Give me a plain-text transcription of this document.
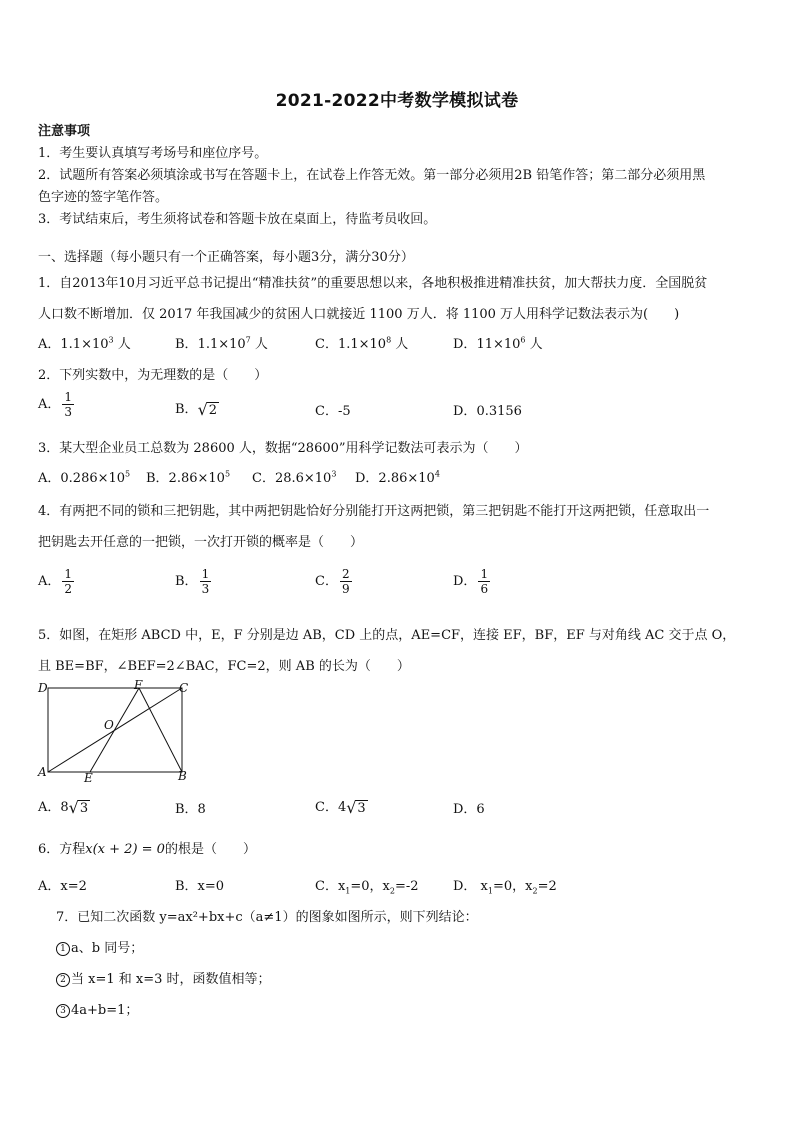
2021-2022中考数学模拟试卷
注意事项
1．考生要认真填写考场号和座位序号。
2．试题所有答案必须填涂或书写在答题卡上，在试卷上作答无效。第一部分必须用2B 铅笔作答；第二部分必须用黑
色字迹的签字笔作答。
3．考试结束后，考生须将试卷和答题卡放在桌面上，待监考员收回。
一、选择题（每小题只有一个正确答案，每小题3分，满分30分）
1．自2013年10月习近平总书记提出“精准扶贫”的重要思想以来，各地积极推进精准扶贫，加大帮扶力度．全国脱贫
人口数不断增加．仅 2017 年我国减少的贫困人口就接近 1100 万人．将 1100 万人用科学记数法表示为(　　)
A．$1.1\times 10^3$ 人	B．$1.1\times 10^7$ 人	C．$1.1\times 10^8$ 人	D．$11\times 10^6$ 人
2．下列实数中，为无理数的是（　　）
A． $\frac{1}{3}$	B． √ 2	C．-5	D．0.3156
3．某大型企业员工总数为 28600 人，数据“28600”用科学记数法可表示为（　　）
A．$0.286\times 10^5$ B．$2.86\times 10^5$ C．$28.6\times 10^3$ D．$2.86\times 10^4$
4．有两把不同的锁和三把钥匙，其中两把钥匙恰好分别能打开这两把锁，第三把钥匙不能打开这两把锁，任意取出一
把钥匙去开任意的一把锁，一次打开锁的概率是（　　）
A． $\frac{1}{2}$	B． $\frac{1}{3}$	C． $\frac{2}{9}$	D． $\frac{1}{6}$
5．如图，在矩形 ABCD 中，E，F 分别是边 AB，CD 上的点，AE=CF，连接 EF，BF，EF 与对角线 AC 交于点 O，
且 BE=BF，∠BEF=2∠BAC，FC=2，则 AB 的长为（　　）
D	F	C
O
A	E	B
A．8 √ 3	B．8	C．4 √ 3	D．6
6．方程x(x + 2) = 0的根是（　　）
A．x=2	B．x=0	C．$x_1=0$，$x_2=-2$	D． $x_1=0$，$x_2=2$
7．已知二次函数 y=ax²+bx+c（a≠1）的图象如图所示，则下列结论：
1 a、b 同号；
2 当 x=1 和 x=3 时，函数值相等；
3 4a+b=1；
